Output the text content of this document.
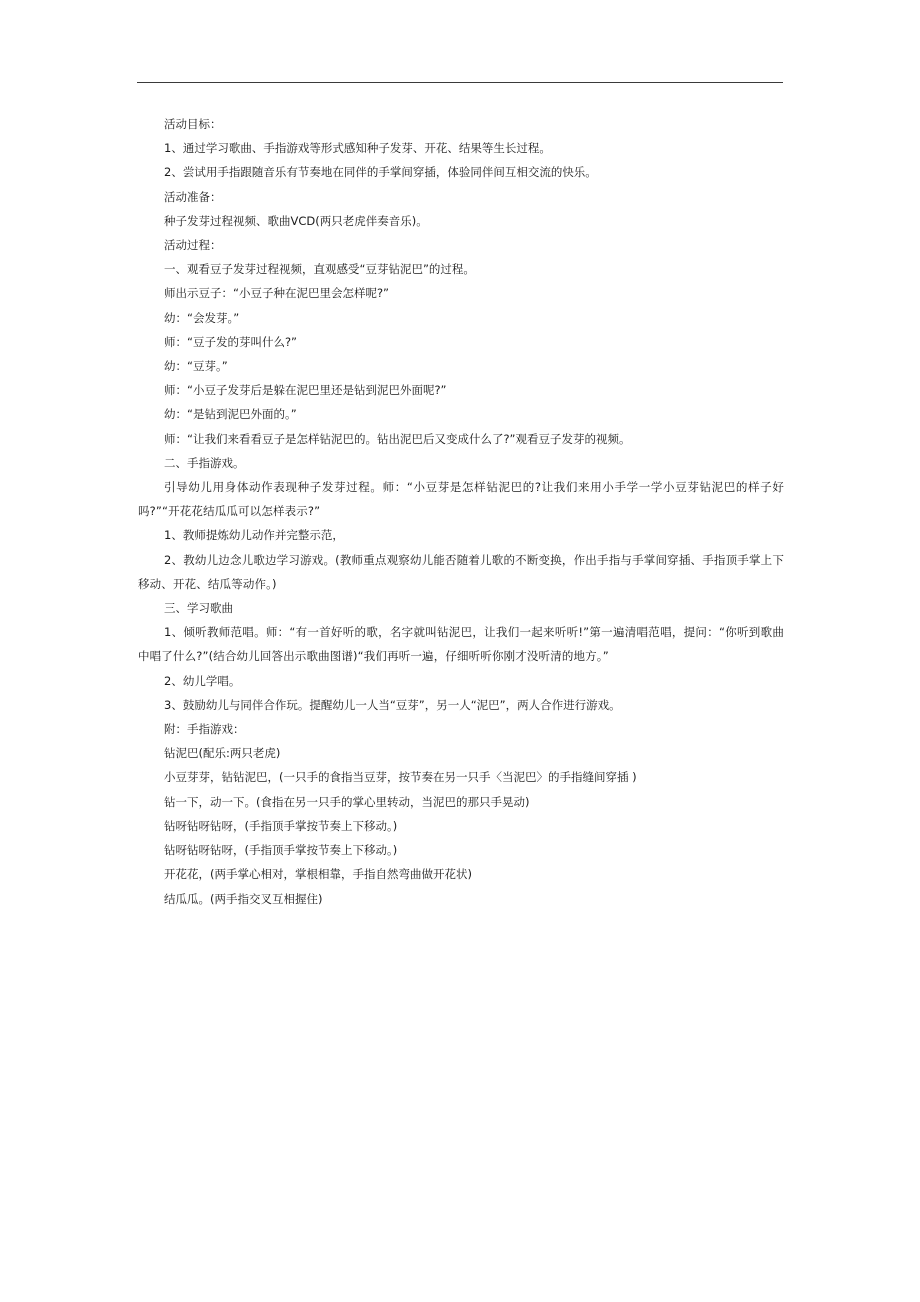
活动目标：

1、通过学习歌曲、手指游戏等形式感知种子发芽、开花、结果等生长过程。

2、尝试用手指跟随音乐有节奏地在同伴的手掌间穿插，体验同伴间互相交流的快乐。

活动准备：

种子发芽过程视频、歌曲VCD(两只老虎伴奏音乐)。

活动过程：

一、观看豆子发芽过程视频，直观感受“豆芽钻泥巴”的过程。

师出示豆子：“小豆子种在泥巴里会怎样呢?”

幼：“会发芽。”

师：“豆子发的芽叫什么?”

幼：“豆芽。”

师：“小豆子发芽后是躲在泥巴里还是钻到泥巴外面呢?”

幼：“是钻到泥巴外面的。”

师：“让我们来看看豆子是怎样钻泥巴的。钻出泥巴后又变成什么了?”观看豆子发芽的视频。

二、手指游戏。

引导幼儿用身体动作表现种子发芽过程。师：“小豆芽是怎样钻泥巴的?让我们来用小手学一学小豆芽钻泥巴的样子好吗?”“开花花结瓜瓜可以怎样表示?”

1、教师提炼幼儿动作并完整示范，

2、教幼儿边念儿歌边学习游戏。(教师重点观察幼儿能否随着儿歌的不断变换，作出手指与手掌间穿插、手指顶手掌上下移动、开花、结瓜等动作。)

三、学习歌曲

1、倾听教师范唱。师：“有一首好听的歌，名字就叫钻泥巴，让我们一起来听听!”第一遍清唱范唱，提问：“你听到歌曲中唱了什么?”(结合幼儿回答出示歌曲图谱)“我们再听一遍，仔细听听你刚才没听清的地方。”

2、幼儿学唱。

3、鼓励幼儿与同伴合作玩。提醒幼儿一人当“豆芽”，另一人“泥巴”，两人合作进行游戏。

附：手指游戏：

钻泥巴(配乐:两只老虎)

小豆芽芽，钻钻泥巴，(一只手的食指当豆芽，按节奏在另一只手〈当泥巴〉的手指缝间穿插 )

钻一下，动一下。(食指在另一只手的掌心里转动，当泥巴的那只手晃动)

钻呀钻呀钻呀，(手指顶手掌按节奏上下移动。)

钻呀钻呀钻呀，(手指顶手掌按节奏上下移动。)

开花花，(两手掌心相对，掌根相靠，手指自然弯曲做开花状)

结瓜瓜。(两手指交叉互相握住)
